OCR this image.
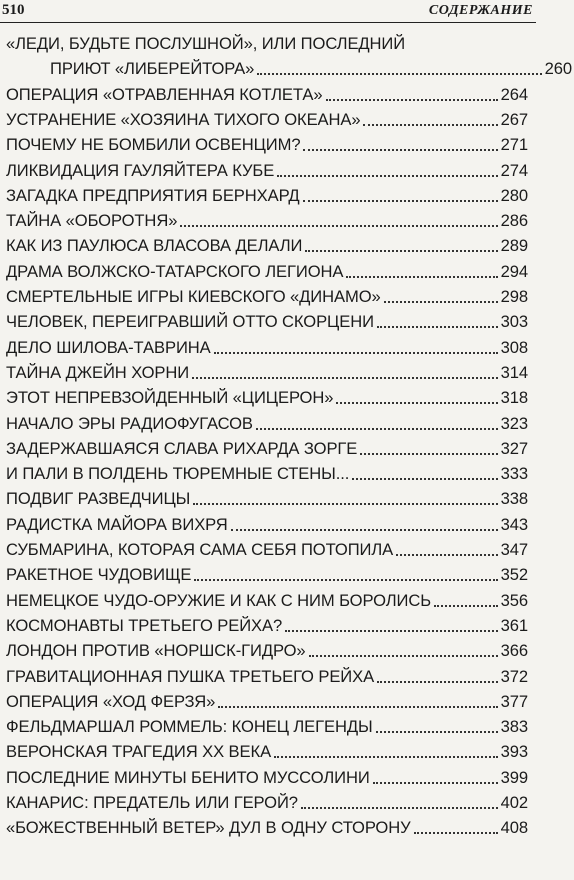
510	СОДЕРЖАНИЕ
«ЛЕДИ, БУДЬТЕ ПОСЛУШНОЙ», ИЛИ ПОСЛЕДНИЙ
ПРИЮТ «ЛИБЕРЕЙТОРА»	260
ОПЕРАЦИЯ «ОТРАВЛЕННАЯ КОТЛЕТА»	264
УСТРАНЕНИЕ «ХОЗЯИНА ТИХОГО ОКЕАНА»	267
ПОЧЕМУ НЕ БОМБИЛИ ОСВЕНЦИМ?	271
ЛИКВИДАЦИЯ ГАУЛЯЙТЕРА КУБЕ	274
ЗАГАДКА ПРЕДПРИЯТИЯ БЕРНХАРД	280
ТАЙНА «ОБОРОТНЯ»	286
КАК ИЗ ПАУЛЮСА ВЛАСОВА ДЕЛАЛИ	289
ДРАМА ВОЛЖСКО-ТАТАРСКОГО ЛЕГИОНА	294
СМЕРТЕЛЬНЫЕ ИГРЫ КИЕВСКОГО «ДИНАМО»	298
ЧЕЛОВЕК, ПЕРЕИГРАВШИЙ ОТТО СКОРЦЕНИ	303
ДЕЛО ШИЛОВА-ТАВРИНА	308
ТАЙНА ДЖЕЙН ХОРНИ	314
ЭТОТ НЕПРЕВЗОЙДЕННЫЙ «ЦИЦЕРОН»	318
НАЧАЛО ЭРЫ РАДИОФУГАСОВ	323
ЗАДЕРЖАВШАЯСЯ СЛАВА РИХАРДА ЗОРГЕ	327
И ПАЛИ В ПОЛДЕНЬ ТЮРЕМНЫЕ СТЕНЫ...	333
ПОДВИГ РАЗВЕДЧИЦЫ	338
РАДИСТКА МАЙОРА ВИХРЯ	343
СУБМАРИНА, КОТОРАЯ САМА СЕБЯ ПОТОПИЛА	347
РАКЕТНОЕ ЧУДОВИЩЕ	352
НЕМЕЦКОЕ ЧУДО-ОРУЖИЕ И КАК С НИМ БОРОЛИСЬ	356
КОСМОНАВТЫ ТРЕТЬЕГО РЕЙХА?	361
ЛОНДОН ПРОТИВ «НОРШСК-ГИДРО»	366
ГРАВИТАЦИОННАЯ ПУШКА ТРЕТЬЕГО РЕЙХА	372
ОПЕРАЦИЯ «ХОД ФЕРЗЯ»	377
ФЕЛЬДМАРШАЛ РОММЕЛЬ: КОНЕЦ ЛЕГЕНДЫ	383
ВЕРОНСКАЯ ТРАГЕДИЯ XX ВЕКА	393
ПОСЛЕДНИЕ МИНУТЫ БЕНИТО МУССОЛИНИ	399
КАНАРИС: ПРЕДАТЕЛЬ ИЛИ ГЕРОЙ?	402
«БОЖЕСТВЕННЫЙ ВЕТЕР» ДУЛ В ОДНУ СТОРОНУ	408
